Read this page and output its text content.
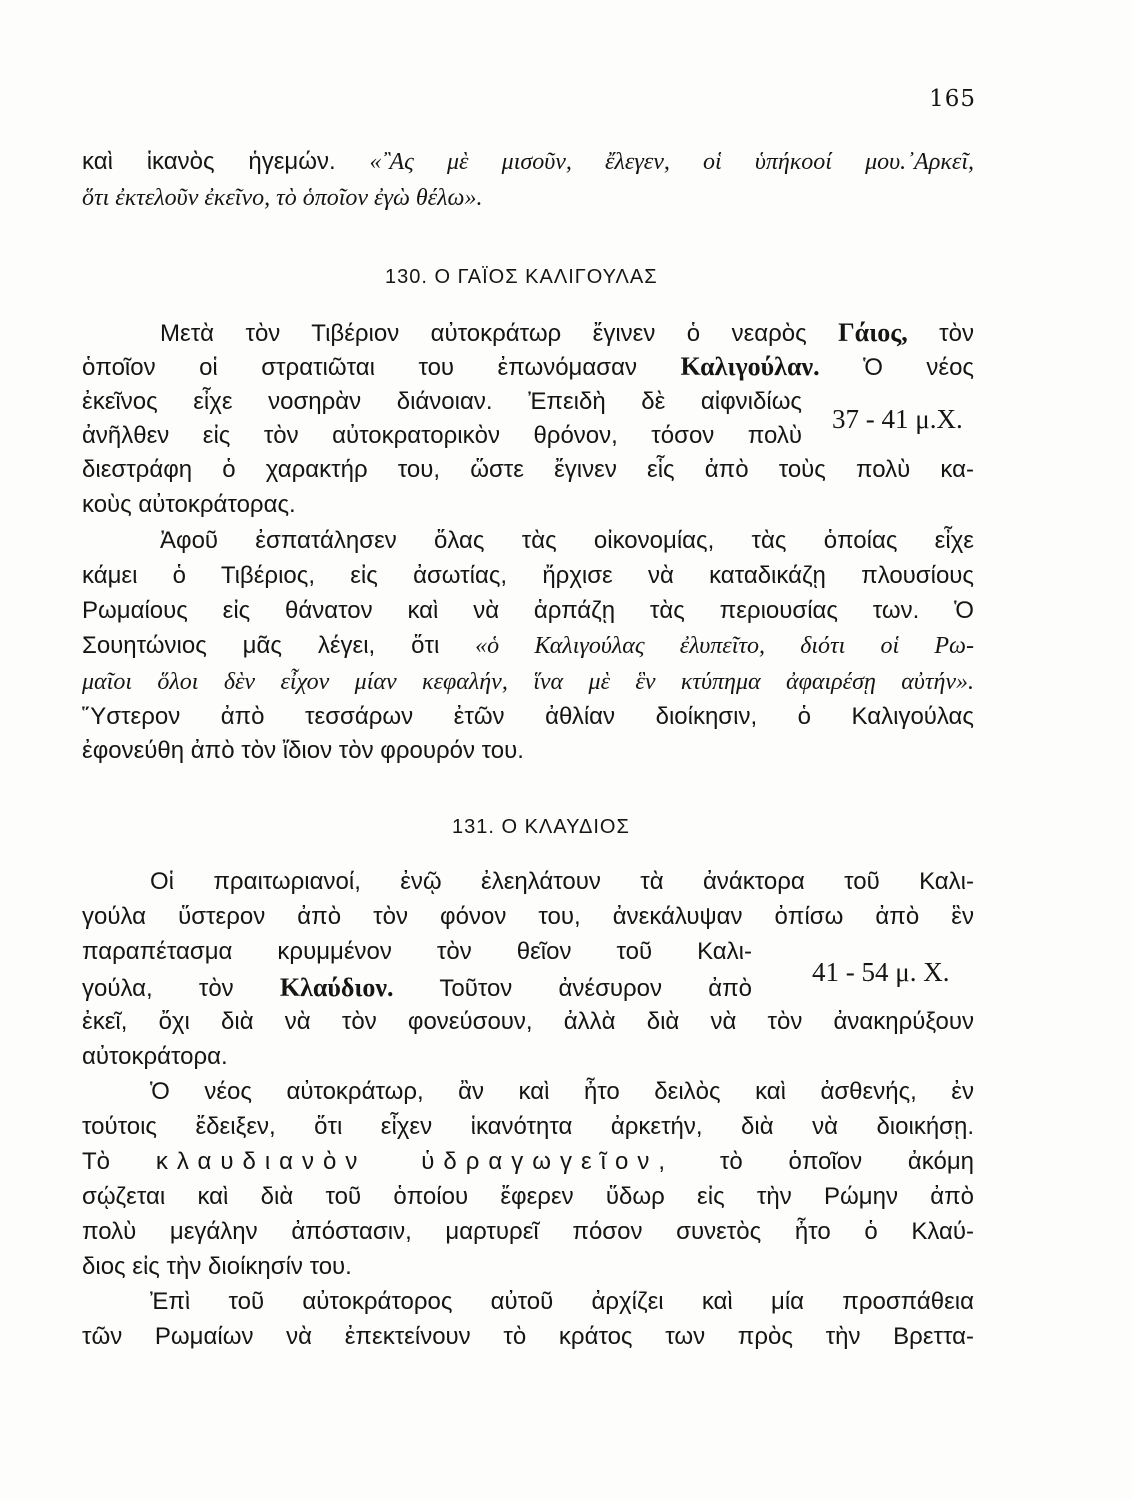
165
καὶ ἱκανὸς ἡγεμών. «῍Ας μὲ μισοῦν, ἔλεγεν, οἱ ὑπήκοοί μου.᾽Αρκεῖ,
ὅτι ἐκτελοῦν ἐκεῖνο, τὸ ὁποῖον ἐγὼ θέλω».
130. Ο ΓΑΪΟΣ ΚΑΛΙΓΟΥΛΑΣ
Μετὰ τὸν Τιβέριον αὐτοκράτωρ ἔγινεν ὁ νεαρὸς Γάιος, τὸν
ὁποῖον οἱ στρατιῶται του ἐπωνόμασαν Καλιγούλαν. Ὁ νέος
ἐκεῖνος εἶχε νοσηρὰν διάνοιαν. Ἐπειδὴ δὲ αἰφνιδίως
ἀνῆλθεν εἰς τὸν αὐτοκρατορικὸν θρόνον, τόσον πολὺ
37 - 41 μ.Χ.
διεστράφη ὁ χαρακτήρ του, ὥστε ἔγινεν εἷς ἀπὸ τοὺς πολὺ κα-
κοὺς αὐτοκράτορας.
Ἀφοῦ ἐσπατάλησεν ὅλας τὰς οἰκονομίας, τὰς ὁποίας εἶχε
κάμει ὁ Τιβέριος, εἰς ἀσωτίας, ἤρχισε νὰ καταδικάζῃ πλουσίους
Ρωμαίους εἰς θάνατον καὶ νὰ ἁρπάζῃ τὰς περιουσίας των. Ὁ
Σουητώνιος μᾶς λέγει, ὅτι «ὁ Καλιγούλας ἐλυπεῖτο, διότι οἱ Ρω-
μαῖοι ὅλοι δὲν εἶχον μίαν κεφαλήν, ἵνα μὲ ἓν κτύπημα ἀφαιρέσῃ αὐτήν».
Ὕστερον ἀπὸ τεσσάρων ἐτῶν ἀθλίαν διοίκησιν, ὁ Καλιγούλας
ἐφονεύθη ἀπὸ τὸν ἴδιον τὸν φρουρόν του.
131. Ο ΚΛΑΥΔΙΟΣ
Οἱ πραιτωριανοί, ἐνῷ ἐλεηλάτουν τὰ ἀνάκτορα τοῦ Καλι-
γούλα ὕστερον ἀπὸ τὸν φόνον του, ἀνεκάλυψαν ὀπίσω ἀπὸ ἓν
παραπέτασμα κρυμμένον τὸν θεῖον τοῦ Καλι-
γούλα, τὸν Κλαύδιον. Τοῦτον ἀνέσυρον ἀπὸ
41 - 54 μ. Χ.
ἐκεῖ, ὄχι διὰ νὰ τὸν φονεύσουν, ἀλλὰ διὰ νὰ τὸν ἀνακηρύξουν
αὐτοκράτορα.
Ὁ νέος αὐτοκράτωρ, ἂν καὶ ἦτο δειλὸς καὶ ἀσθενής, ἐν
τούτοις ἔδειξεν, ὅτι εἶχεν ἱκανότητα ἀρκετήν, διὰ νὰ διοικήσῃ.
Τὸ κλαυδιανὸν ὑδραγωγεῖον, τὸ ὁποῖον ἀκόμη
σῴζεται καὶ διὰ τοῦ ὁποίου ἔφερεν ὕδωρ εἰς τὴν Ρώμην ἀπὸ
πολὺ μεγάλην ἀπόστασιν, μαρτυρεῖ πόσον συνετὸς ἦτο ὁ Κλαύ-
διος εἰς τὴν διοίκησίν του.
Ἐπὶ τοῦ αὐτοκράτορος αὐτοῦ ἀρχίζει καὶ μία προσπάθεια
τῶν Ρωμαίων νὰ ἐπεκτείνουν τὸ κράτος των πρὸς τὴν Βρεττα-
